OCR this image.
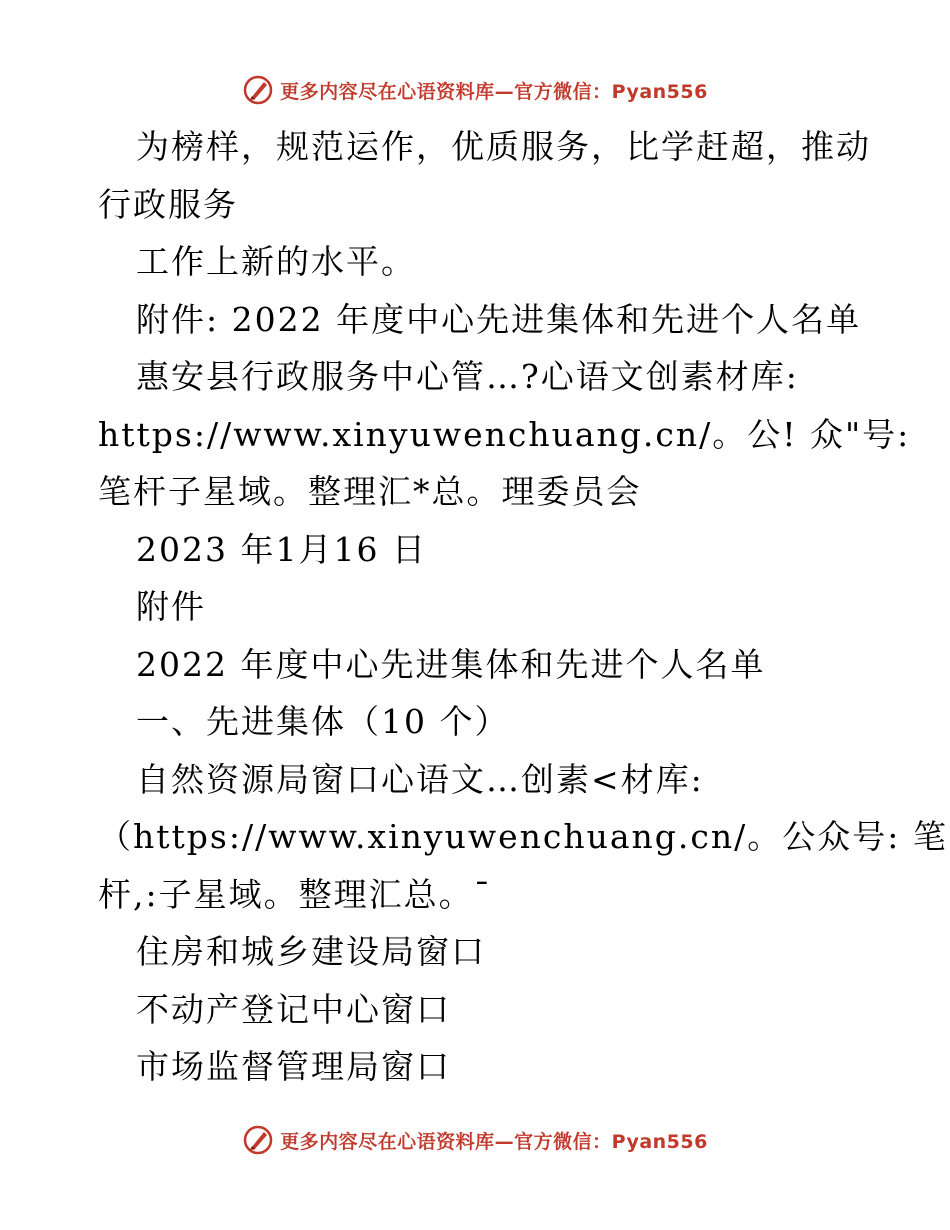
更多内容尽在心语资料库—官方微信：Pyan556
为榜样，规范运作，优质服务，比学赶超，推动
行政服务
工作上新的水平。
附件: 2022 年度中心先进集体和先进个人名单
惠安县行政服务中心管…?心语文创素材库:
https://www.xinyuwenchuang.cn/。公! 众"号:
笔杆子星域。整理汇*总。理委员会
2023 年1月16 日
附件
2022 年度中心先进集体和先进个人名单
一、先进集体（10 个）
自然资源局窗口心语文…创素<材库:
（https://www.xinyuwenchuang.cn/。公众号: 笔
杆,:子星域。整理汇总。¯
住房和城乡建设局窗口
不动产登记中心窗口
市场监督管理局窗口
更多内容尽在心语资料库—官方微信：Pyan556
